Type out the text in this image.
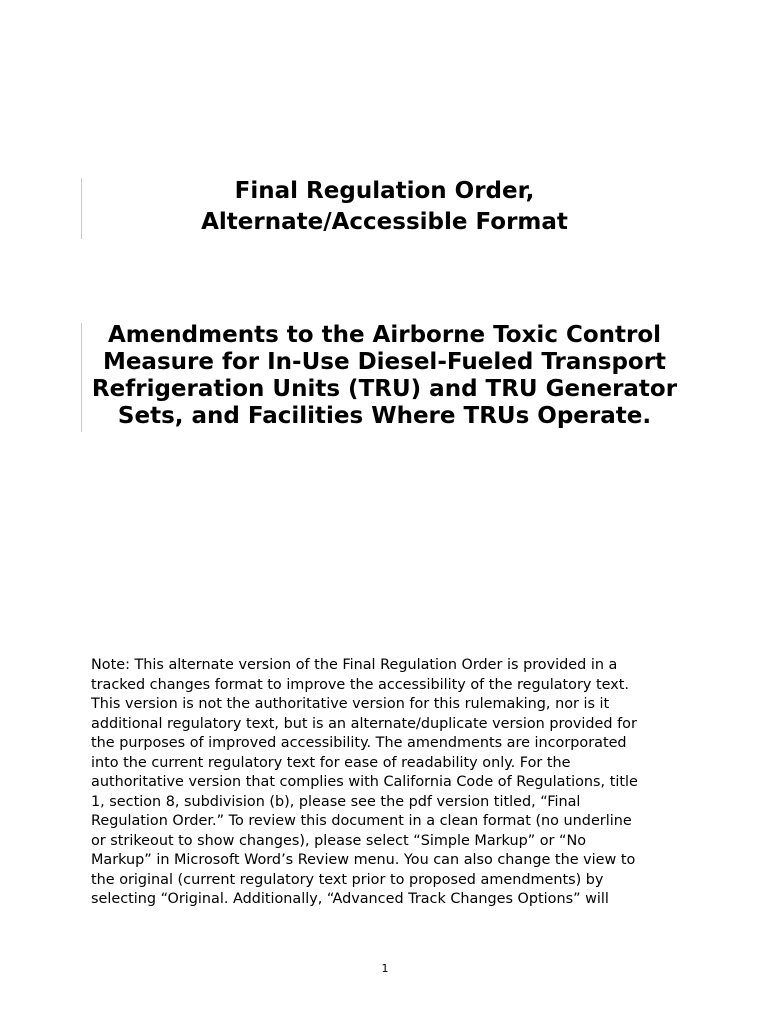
Final Regulation Order,
Alternate/Accessible Format
Amendments to the Airborne Toxic Control
Measure for In-Use Diesel-Fueled Transport
Refrigeration Units (TRU) and TRU Generator
Sets, and Facilities Where TRUs Operate.

Note: This alternate version of the Final Regulation Order is provided in a
tracked changes format to improve the accessibility of the regulatory text.
This version is not the authoritative version for this rulemaking, nor is it
additional regulatory text, but is an alternate/duplicate version provided for
the purposes of improved accessibility. The amendments are incorporated
into the current regulatory text for ease of readability only. For the
authoritative version that complies with California Code of Regulations, title
1, section 8, subdivision (b), please see the pdf version titled, “Final
Regulation Order.” To review this document in a clean format (no underline
or strikeout to show changes), please select “Simple Markup” or “No
Markup” in Microsoft Word’s Review menu. You can also change the view to
the original (current regulatory text prior to proposed amendments) by
selecting “Original. Additionally, “Advanced Track Changes Options” will

1
